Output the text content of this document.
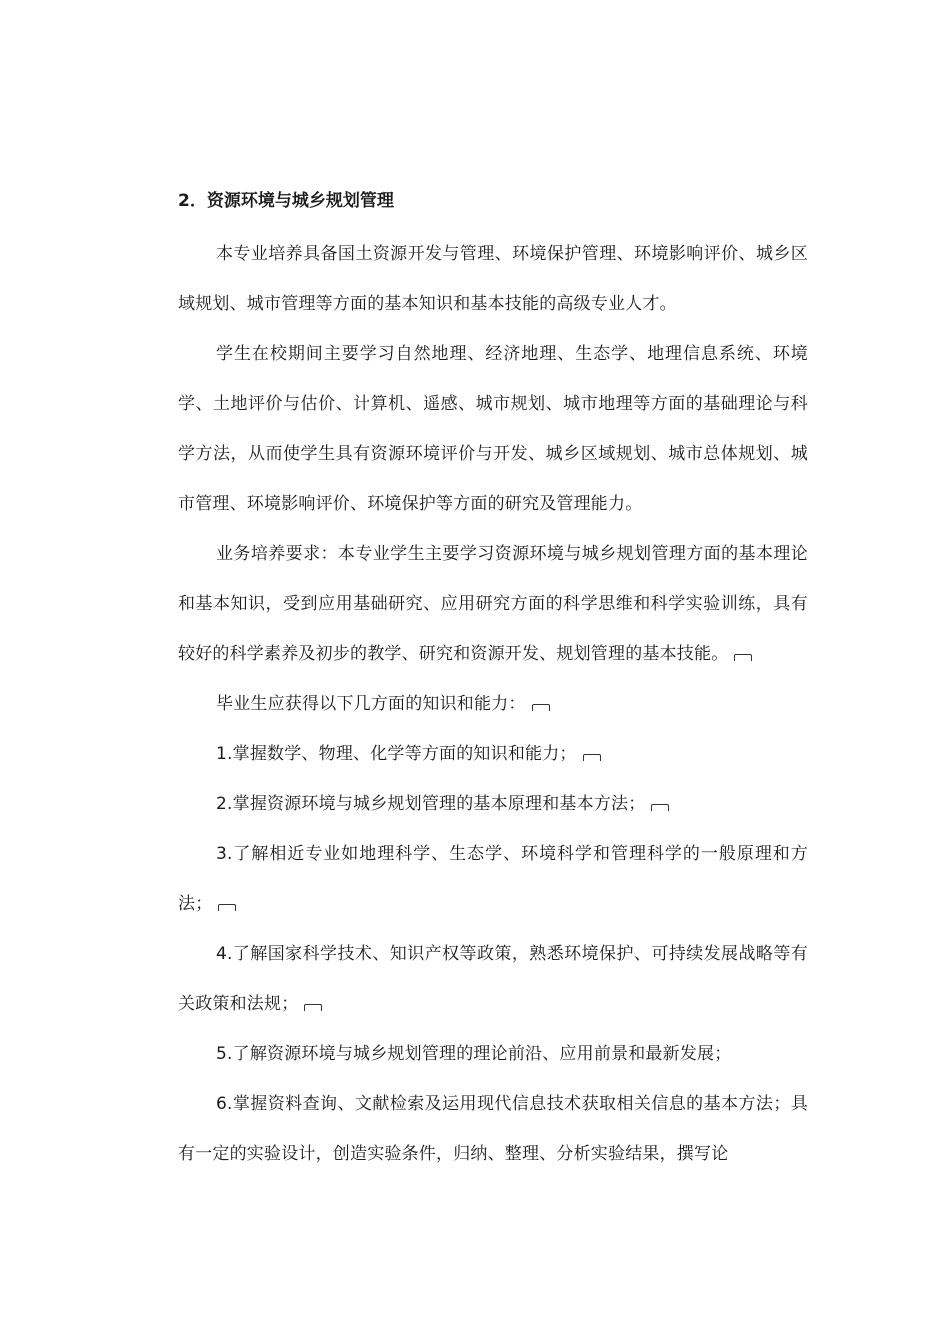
2．资源环境与城乡规划管理

本专业培养具备国土资源开发与管理、环境保护管理、环境影响评价、城乡区域规划、城市管理等方面的基本知识和基本技能的高级专业人才。

学生在校期间主要学习自然地理、经济地理、生态学、地理信息系统、环境学、土地评价与估价、计算机、遥感、城市规划、城市地理等方面的基础理论与科学方法，从而使学生具有资源环境评价与开发、城乡区域规划、城市总体规划、城市管理、环境影响评价、环境保护等方面的研究及管理能力。

业务培养要求：本专业学生主要学习资源环境与城乡规划管理方面的基本理论和基本知识，受到应用基础研究、应用研究方面的科学思维和科学实验训练，具有较好的科学素养及初步的教学、研究和资源开发、规划管理的基本技能。

毕业生应获得以下几方面的知识和能力：

1.掌握数学、物理、化学等方面的知识和能力；

2.掌握资源环境与城乡规划管理的基本原理和基本方法；

3.了解相近专业如地理科学、生态学、环境科学和管理科学的一般原理和方法；

4.了解国家科学技术、知识产权等政策，熟悉环境保护、可持续发展战略等有关政策和法规；

5.了解资源环境与城乡规划管理的理论前沿、应用前景和最新发展；

6.掌握资料查询、文献检索及运用现代信息技术获取相关信息的基本方法；具有一定的实验设计，创造实验条件，归纳、整理、分析实验结果，撰写论
